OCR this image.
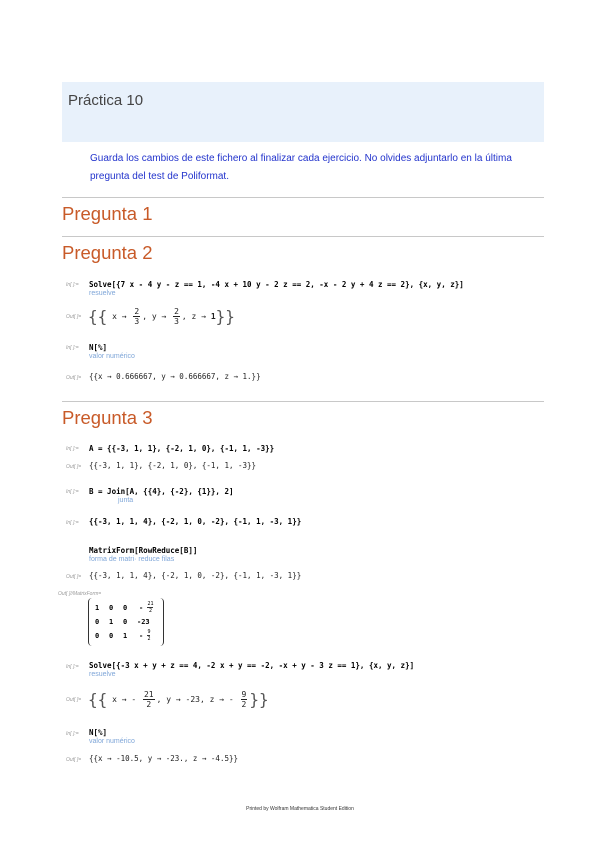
Práctica 10
Guarda los cambios de este fichero al finalizar cada ejercicio. No olvides adjuntarlo en la última pregunta del test de Poliformat.
Pregunta 1
Pregunta 2
In[ ]:= Solve[{7 x - 4 y - z == 1, -4 x + 10 y - 2 z == 2, -x - 2 y + 4 z == 2}, {x, y, z}]
resuelve
Out[ ]= {{ $x \to \frac{2}{3}$ , $y \to \frac{2}{3}$ , z → 1 }}
In[ ]:= N[%]
valor numérico
Out[ ]= {{x → 0.666667, y → 0.666667, z → 1.}}
Pregunta 3
In[ ]:= A = {{-3, 1, 1}, {-2, 1, 0}, {-1, 1, -3}}
Out[ ]= {{-3, 1, 1}, {-2, 1, 0}, {-1, 1, -3}}
In[ ]:= B = Join[A, {{4}, {-2}, {1}}, 2]
junta
In[ ]:= {{-3, 1, 1, 4}, {-2, 1, 0, -2}, {-1, 1, -3, 1}}
MatrixForm[RowReduce[B]]
forma de matri· reduce filas
Out[ ]= {{-3, 1, 1, 4}, {-2, 1, 0, -2}, {-1, 1, -3, 1}}
Out[ ]//MatrixForm=
1 0 0 -
$\frac{21}{2}$
0 1 0 -23
0 0 1 -
$\frac{9}{2}$
In[ ]:= Solve[{-3 x + y + z == 4, -2 x + y == -2, -x + y - 3 z == 1}, {x, y, z}]
resuelve
Out[ ]= {{ x → - $\frac{21}{2}$ , y → -23 , z → - $\frac{9}{2}$ }}
In[ ]:= N[%]
valor numérico
Out[ ]= {{x → -10.5, y → -23., z → -4.5}}
Printed by Wolfram Mathematica Student Edition
